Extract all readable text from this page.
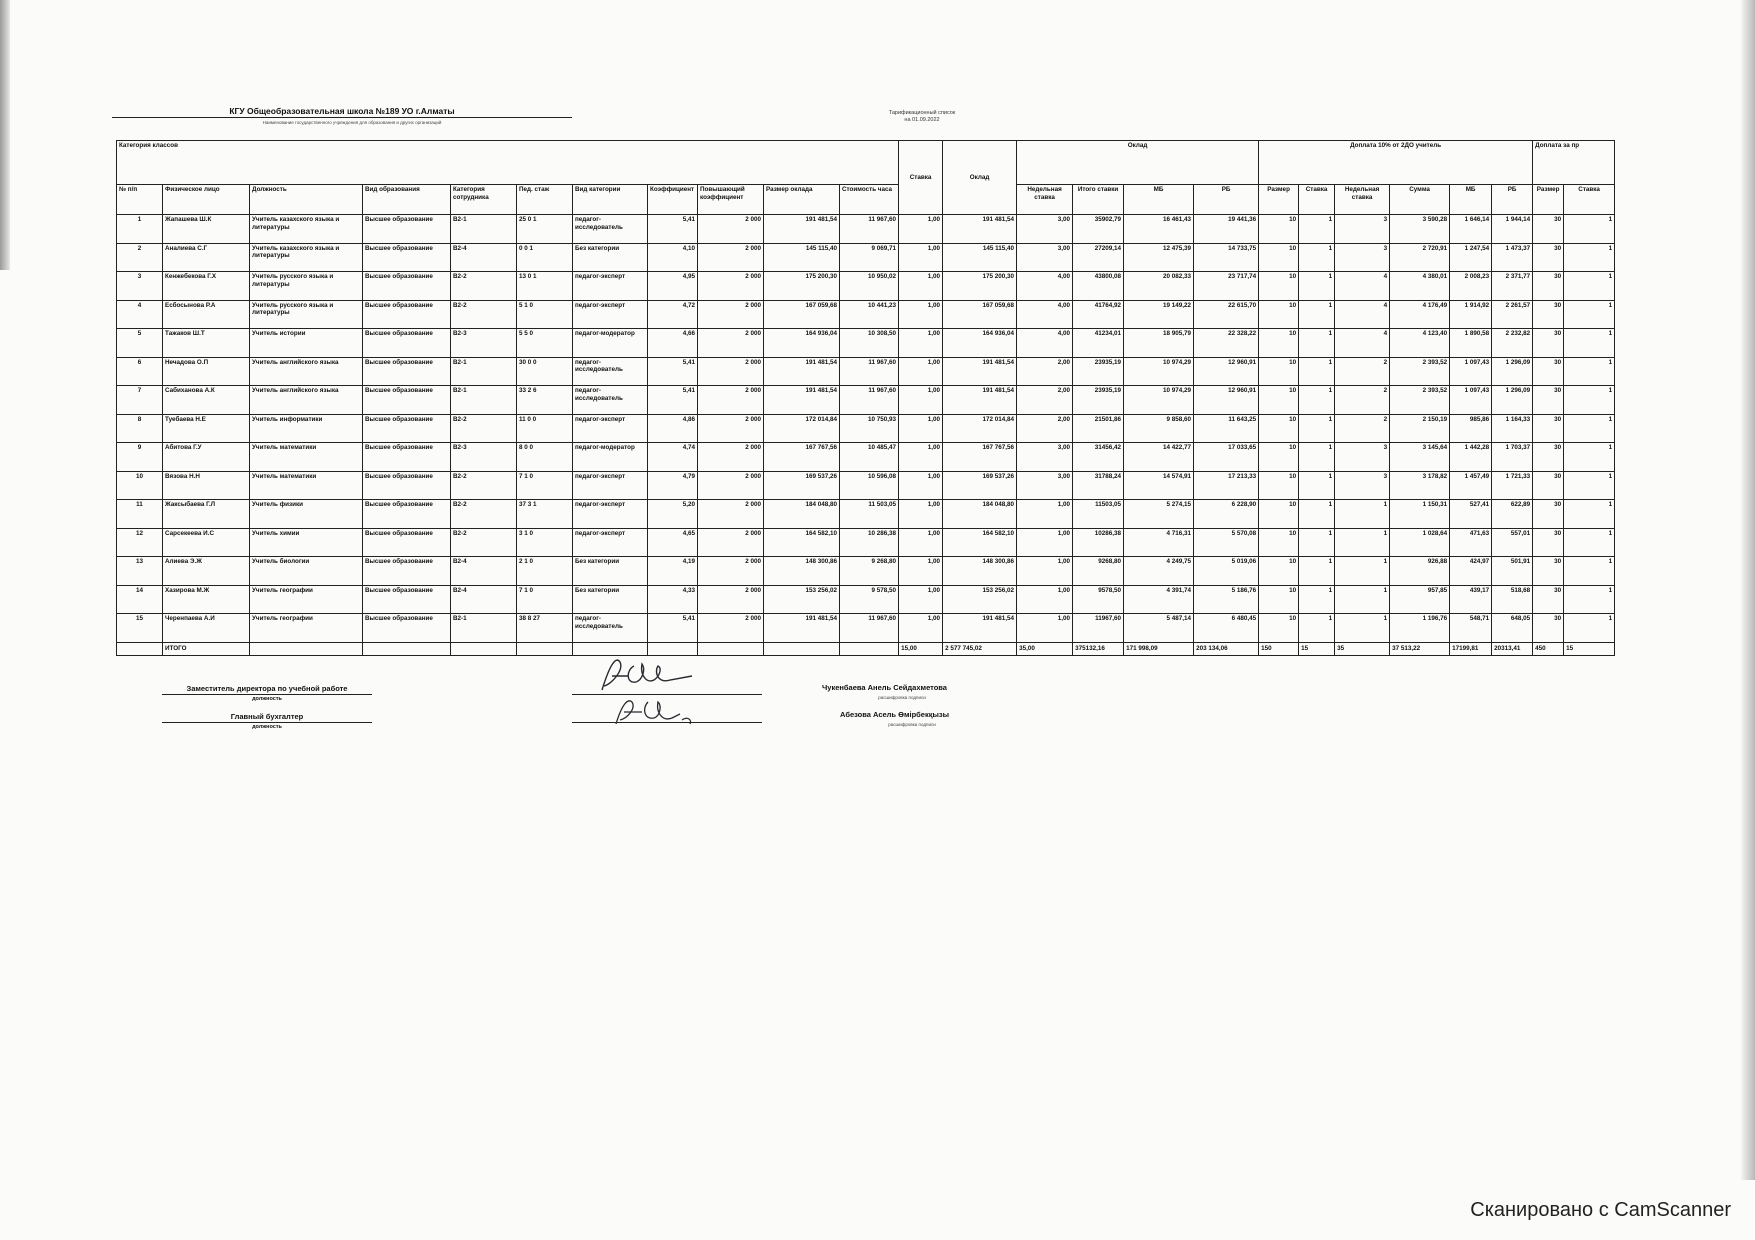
КГУ Общеобразовательная школа №189 УО г.Алматы
Наименование государственного учреждения для образования и других организаций
Тарификационный список
на 01.09.2022
Категория классов											Ставка	Оклад	Оклад				Доплата 10% от 2ДО учитель						Доплата за пр	
№ п/п	Физическое лицо	Должность	Вид образования	Категория сотрудника	Пед. стаж	Вид категории	Коэффициент	Повышающий коэффициент	Размер оклада	Стоимость часа			Недельная ставка	Итого ставки	МБ	РБ	Размер	Ставка	Недельная ставка	Сумма	МБ	РБ	Размер	Ставка
1	Жапашева Ш.К	Учитель казахского языка и литературы	Высшее образование	В2-1	25 0 1	педагог-исследователь	5,41	2 000	191 481,54	11 967,60	1,00	191 481,54	3,00	35902,79	16 461,43	19 441,36	10	1	3	3 590,28	1 646,14	1 944,14	30	1
2	Аналиева С.Г	Учитель казахского языка и литературы	Высшее образование	В2-4	0 0 1	Без категории	4,10	2 000	145 115,40	9 069,71	1,00	145 115,40	3,00	27209,14	12 475,39	14 733,75	10	1	3	2 720,91	1 247,54	1 473,37	30	1
3	Кенжебекова Г.Х	Учитель русского языка и литературы	Высшее образование	В2-2	13 0 1	педагог-эксперт	4,95	2 000	175 200,30	10 950,02	1,00	175 200,30	4,00	43800,08	20 082,33	23 717,74	10	1	4	4 380,01	2 008,23	2 371,77	30	1
4	Есбосынова Р.А	Учитель русского языка и литературы	Высшее образование	В2-2	5 1 0	педагог-эксперт	4,72	2 000	167 059,68	10 441,23	1,00	167 059,68	4,00	41764,92	19 149,22	22 615,70	10	1	4	4 176,49	1 914,92	2 261,57	30	1
5	Тажаков Ш.Т	Учитель истории	Высшее образование	В2-3	5 5 0	педагог-модератор	4,66	2 000	164 936,04	10 308,50	1,00	164 936,04	4,00	41234,01	18 905,79	22 328,22	10	1	4	4 123,40	1 890,58	2 232,82	30	1
6	Нечадова О.П	Учитель английского языка	Высшее образование	В2-1	30 0 0	педагог-исследователь	5,41	2 000	191 481,54	11 967,60	1,00	191 481,54	2,00	23935,19	10 974,29	12 960,91	10	1	2	2 393,52	1 097,43	1 296,09	30	1
7	Сабиханова А.К	Учитель английского языка	Высшее образование	В2-1	33 2 6	педагог-исследователь	5,41	2 000	191 481,54	11 967,60	1,00	191 481,54	2,00	23935,19	10 974,29	12 960,91	10	1	2	2 393,52	1 097,43	1 296,09	30	1
8	Туебаева Н.Е	Учитель информатики	Высшее образование	В2-2	11 0 0	педагог-эксперт	4,86	2 000	172 014,84	10 750,93	1,00	172 014,84	2,00	21501,86	9 858,60	11 643,25	10	1	2	2 150,19	985,86	1 164,33	30	1
9	Абитова Г.У	Учитель математики	Высшее образование	В2-3	8 0 0	педагог-модератор	4,74	2 000	167 767,56	10 485,47	1,00	167 767,56	3,00	31456,42	14 422,77	17 033,65	10	1	3	3 145,64	1 442,28	1 703,37	30	1
10	Вязова Н.Н	Учитель математики	Высшее образование	В2-2	7 1 0	педагог-эксперт	4,79	2 000	169 537,26	10 596,08	1,00	169 537,26	3,00	31788,24	14 574,91	17 213,33	10	1	3	3 178,82	1 457,49	1 721,33	30	1
11	Жаксыбаева Г.Л	Учитель физики	Высшее образование	В2-2	37 3 1	педагог-эксперт	5,20	2 000	184 048,80	11 503,05	1,00	184 048,80	1,00	11503,05	5 274,15	6 228,90	10	1	1	1 150,31	527,41	622,89	30	1
12	Сарсекеева И.С	Учитель химии	Высшее образование	В2-2	3 1 0	педагог-эксперт	4,65	2 000	164 582,10	10 286,38	1,00	164 582,10	1,00	10286,38	4 716,31	5 570,08	10	1	1	1 028,64	471,63	557,01	30	1
13	Алиева Э.Ж	Учитель биологии	Высшее образование	В2-4	2 1 0	Без категории	4,19	2 000	148 300,86	9 268,80	1,00	148 300,86	1,00	9268,80	4 249,75	5 019,06	10	1	1	926,88	424,97	501,91	30	1
14	Хазирова М.Ж	Учитель географии	Высшее образование	В2-4	7 1 0	Без категории	4,33	2 000	153 256,02	9 578,50	1,00	153 256,02	1,00	9578,50	4 391,74	5 186,76	10	1	1	957,85	439,17	518,68	30	1
15	Черенпаева А.И	Учитель географии	Высшее образование	В2-1	38 8 27	педагог-исследователь	5,41	2 000	191 481,54	11 967,60	1,00	191 481,54	1,00	11967,60	5 487,14	6 480,45	10	1	1	1 196,76	548,71	648,05	30	1
	ИТОГО										15,00	2 577 745,02	35,00	375132,16	171 998,09	203 134,06	150	15	35	37 513,22	17199,81	20313,41	450	15
Заместитель директора по учебной работе
должность
Главный бухгалтер
должность
Чукенбаева Анель Сейдахметова
расшифровка подписи
Абезова Асель Өмірбекқызы
расшифровка подписи
Сканировано с CamScanner
